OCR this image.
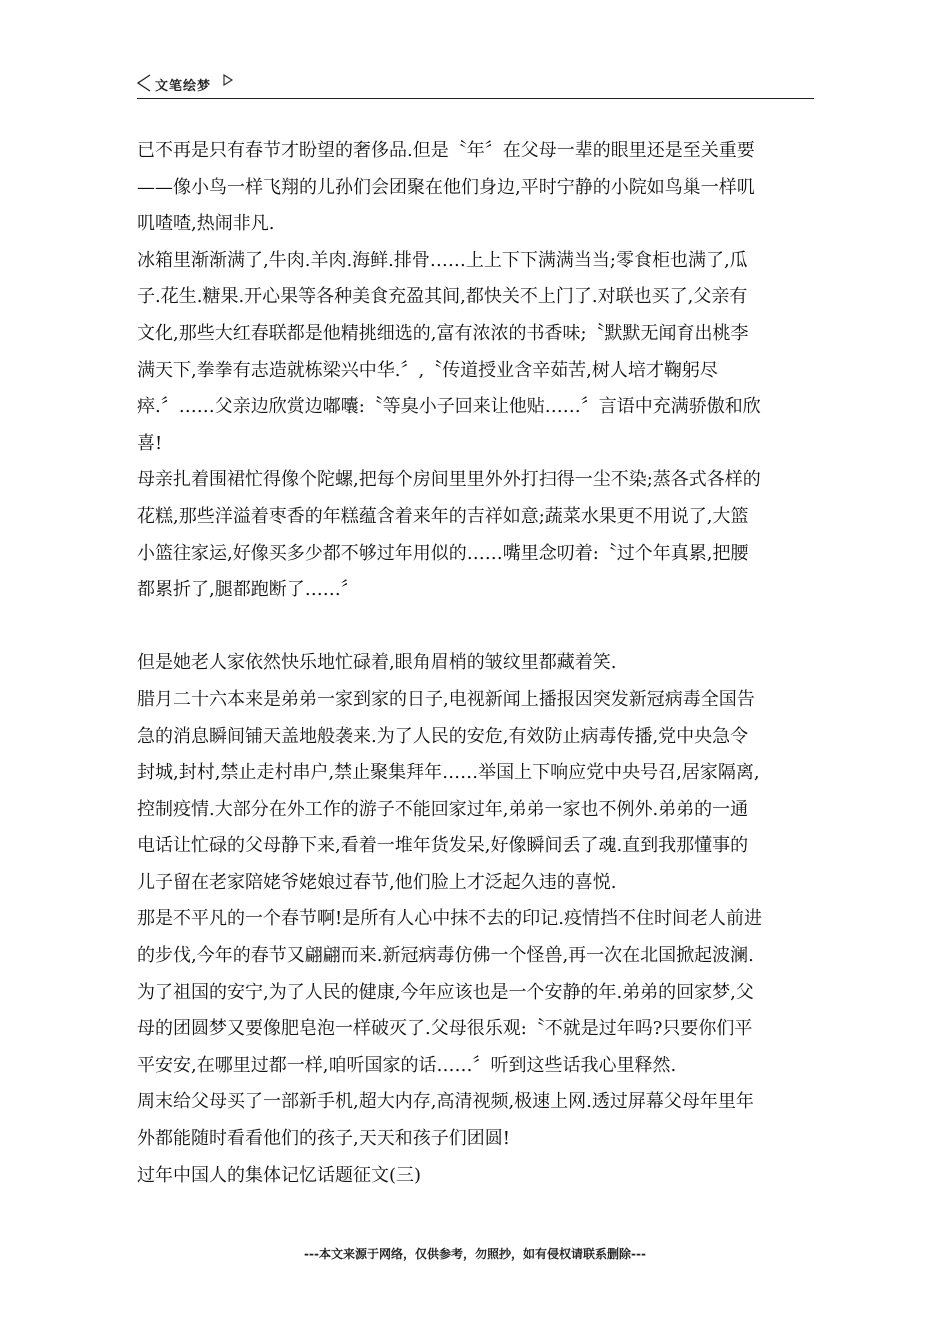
文笔绘梦
已不再是只有春节才盼望的奢侈品.但是〝年〞在父母一辈的眼里还是至关重要
——像小鸟一样飞翔的儿孙们会团聚在他们身边,平时宁静的小院如鸟巢一样叽
叽喳喳,热闹非凡.
冰箱里渐渐满了,牛肉.羊肉.海鲜.排骨……上上下下满满当当;零食柜也满了,瓜
子.花生.糖果.开心果等各种美食充盈其间,都快关不上门了.对联也买了,父亲有
文化,那些大红春联都是他精挑细选的,富有浓浓的书香味;〝默默无闻育出桃李
满天下,拳拳有志造就栋梁兴中华.〞,〝传道授业含辛茹苦,树人培才鞠躬尽
瘁.〞……父亲边欣赏边嘟囔:〝等臭小子回来让他贴……〞言语中充满骄傲和欣
喜!
母亲扎着围裙忙得像个陀螺,把每个房间里里外外打扫得一尘不染;蒸各式各样的
花糕,那些洋溢着枣香的年糕蕴含着来年的吉祥如意;蔬菜水果更不用说了,大篮
小篮往家运,好像买多少都不够过年用似的……嘴里念叨着:〝过个年真累,把腰
都累折了,腿都跑断了……〞
但是她老人家依然快乐地忙碌着,眼角眉梢的皱纹里都藏着笑.
腊月二十六本来是弟弟一家到家的日子,电视新闻上播报因突发新冠病毒全国告
急的消息瞬间铺天盖地般袭来.为了人民的安危,有效防止病毒传播,党中央急令
封城,封村,禁止走村串户,禁止聚集拜年……举国上下响应党中央号召,居家隔离,
控制疫情.大部分在外工作的游子不能回家过年,弟弟一家也不例外.弟弟的一通
电话让忙碌的父母静下来,看着一堆年货发呆,好像瞬间丢了魂.直到我那懂事的
儿子留在老家陪姥爷姥娘过春节,他们脸上才泛起久违的喜悦.
那是不平凡的一个春节啊!是所有人心中抹不去的印记.疫情挡不住时间老人前进
的步伐,今年的春节又翩翩而来.新冠病毒仿佛一个怪兽,再一次在北国掀起波澜.
为了祖国的安宁,为了人民的健康,今年应该也是一个安静的年.弟弟的回家梦,父
母的团圆梦又要像肥皂泡一样破灭了.父母很乐观:〝不就是过年吗?只要你们平
平安安,在哪里过都一样,咱听国家的话……〞听到这些话我心里释然.
周末给父母买了一部新手机,超大内存,高清视频,极速上网.透过屏幕父母年里年
外都能随时看看他们的孩子,天天和孩子们团圆!
过年中国人的集体记忆话题征文(三)
---本文来源于网络，仅供参考，勿照抄，如有侵权请联系删除---
